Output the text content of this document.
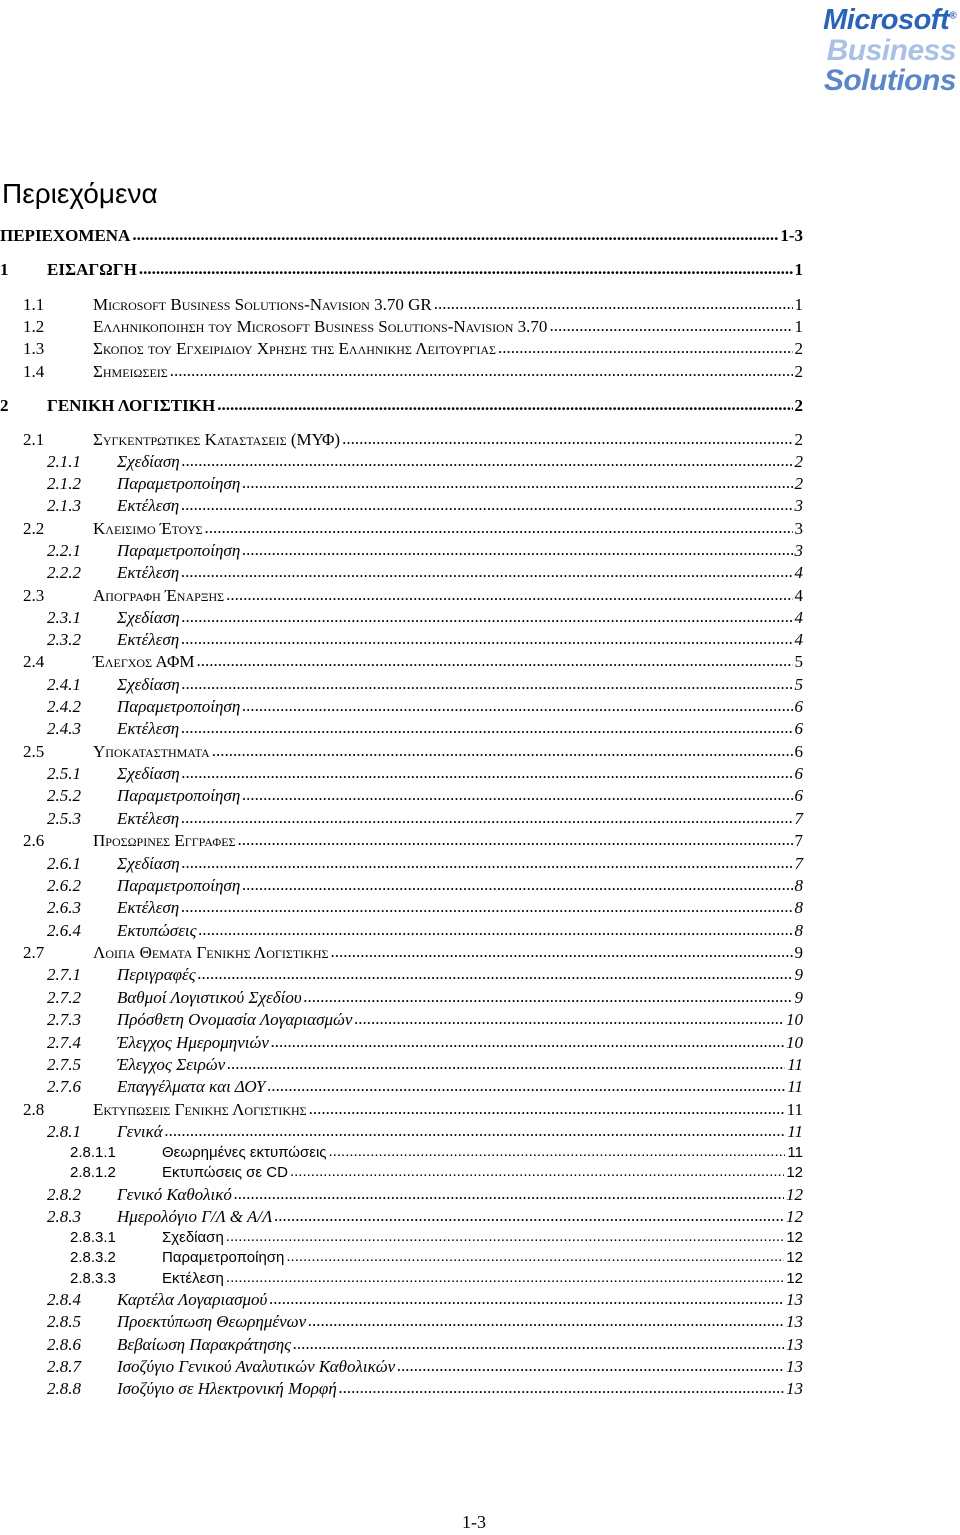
Microsoft®
Business
Solutions
Περιεχόμενα
ΠΕΡΙΕΧΟΜΕΝΑ .....	1-3
1	ΕΙΣΑΓΩΓΗ .....	1
1.1	Microsoft Business Solutions-Navision 3.70 GR .....	1
1.2	Ελληνικοποιηση του Microsoft Business Solutions-Navision 3.70 .....	1
1.3	Σκοπος του Εγχειριδιου Χρησης της Ελληνικης Λειτουργιας .....	2
1.4	Σημειωσεις .....	2
2	ΓΕΝΙΚΗ ΛΟΓΙΣΤΙΚΗ .....	2
2.1	Συγκεντρωτικες Καταστασεις (ΜΥΦ) .....	2
2.1.1	Σχεδίαση .....	2
2.1.2	Παραμετροποίηση .....	2
2.1.3	Εκτέλεση .....	3
2.2	Κλεισιμο Έτους .....	3
2.2.1	Παραμετροποίηση .....	3
2.2.2	Εκτέλεση .....	4
2.3	Απογραφη Έναρξης .....	4
2.3.1	Σχεδίαση .....	4
2.3.2	Εκτέλεση .....	4
2.4	Έλεγχος ΑΦΜ .....	5
2.4.1	Σχεδίαση .....	5
2.4.2	Παραμετροποίηση .....	6
2.4.3	Εκτέλεση .....	6
2.5	Υποκαταστηματα .....	6
2.5.1	Σχεδίαση .....	6
2.5.2	Παραμετροποίηση .....	6
2.5.3	Εκτέλεση .....	7
2.6	Προσωρινες Εγγραφες .....	7
2.6.1	Σχεδίαση .....	7
2.6.2	Παραμετροποίηση .....	8
2.6.3	Εκτέλεση .....	8
2.6.4	Εκτυπώσεις .....	8
2.7	Λοιπα Θεματα Γενικης Λογιστικης .....	9
2.7.1	Περιγραφές .....	9
2.7.2	Βαθμοί Λογιστικού Σχεδίου .....	9
2.7.3	Πρόσθετη Ονομασία Λογαριασμών .....	10
2.7.4	Έλεγχος Ημερομηνιών .....	10
2.7.5	Έλεγχος Σειρών .....	11
2.7.6	Επαγγέλματα και ΔΟΥ .....	11
2.8	Εκτυπωσεις Γενικης Λογιστικης .....	11
2.8.1	Γενικά .....	11
2.8.1.1	Θεωρημένες εκτυπώσεις .....	11
2.8.1.2	Εκτυπώσεις σε CD .....	12
2.8.2	Γενικό Καθολικό .....	12
2.8.3	Ημερολόγιο Γ/Λ & Α/Λ .....	12
2.8.3.1	Σχεδίαση .....	12
2.8.3.2	Παραμετροποίηση .....	12
2.8.3.3	Εκτέλεση .....	12
2.8.4	Καρτέλα Λογαριασμού .....	13
2.8.5	Προεκτύπωση Θεωρημένων .....	13
2.8.6	Βεβαίωση Παρακράτησης .....	13
2.8.7	Ισοζύγιο Γενικού Αναλυτικών Καθολικών .....	13
2.8.8	Ισοζύγιο σε Ηλεκτρονική Μορφή .....	13
1-3
